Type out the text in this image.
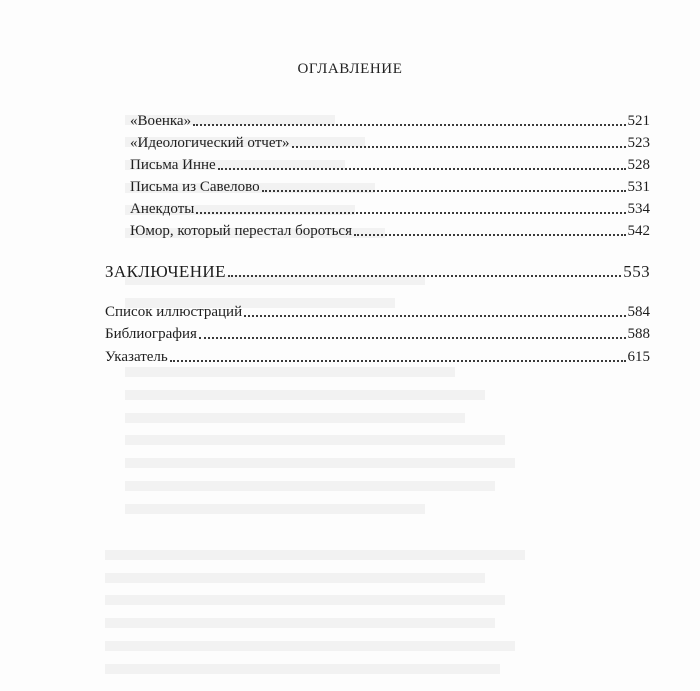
ОГЛАВЛЕНИЕ
«Военка»	521
«Идеологический отчет»	523
Письма Инне	528
Письма из Савелово	531
Анекдоты	534
Юмор, который перестал бороться	542
ЗАКЛЮЧЕНИЕ	553
Список иллюстраций	584
Библиография	588
Указатель	615
